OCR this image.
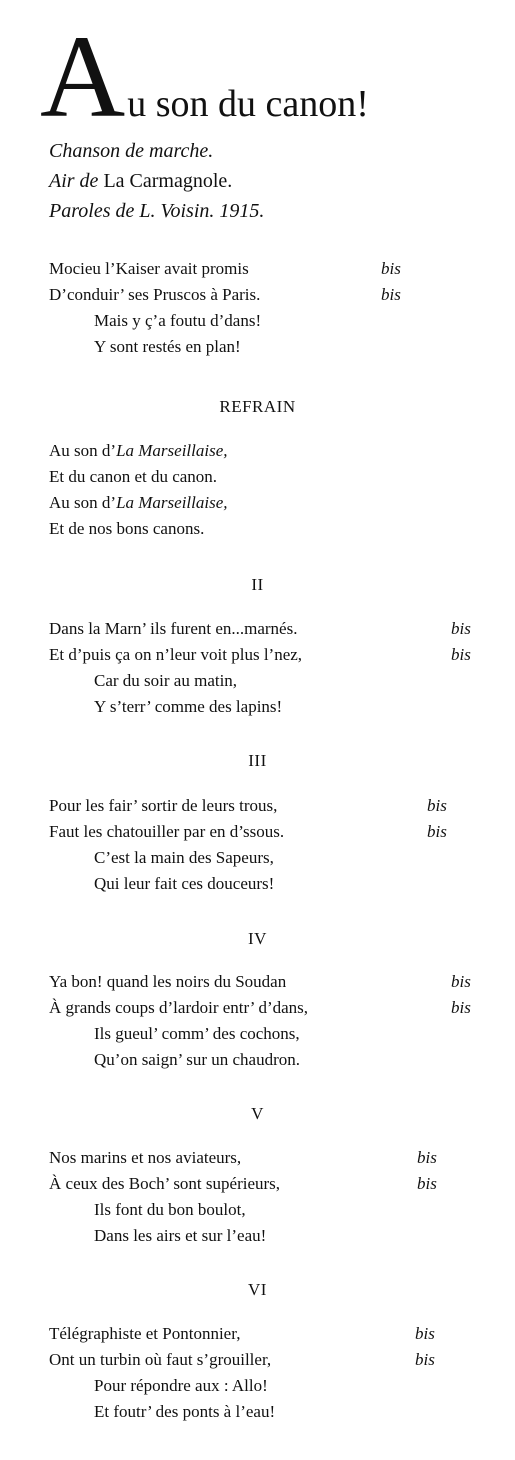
A u son du canon!
Chanson de marche.
Air de La Carmagnole.
Paroles de L. Voisin. 1915.
Mocieu l’Kaiser avait promis	bis
D’conduir’ ses Pruscos à Paris.	bis
Mais y ç’a foutu d’dans!
Y sont restés en plan!
REFRAIN
Au son d’La Marseillaise,
Et du canon et du canon.
Au son d’La Marseillaise,
Et de nos bons canons.
II
Dans la Marn’ ils furent en...marnés.	bis
Et d’puis ça on n’leur voit plus l’nez,	bis
Car du soir au matin,
Y s’terr’ comme des lapins!
III
Pour les fair’ sortir de leurs trous,	bis
Faut les chatouiller par en d’ssous.	bis
C’est la main des Sapeurs,
Qui leur fait ces douceurs!
IV
Ya bon! quand les noirs du Soudan	bis
À grands coups d’lardoir entr’ d’dans,	bis
Ils gueul’ comm’ des cochons,
Qu’on saign’ sur un chaudron.
V
Nos marins et nos aviateurs,	bis
À ceux des Boch’ sont supérieurs,	bis
Ils font du bon boulot,
Dans les airs et sur l’eau!
VI
Télégraphiste et Pontonnier,	bis
Ont un turbin où faut s’grouiller,	bis
Pour répondre aux : Allo!
Et foutr’ des ponts à l’eau!
